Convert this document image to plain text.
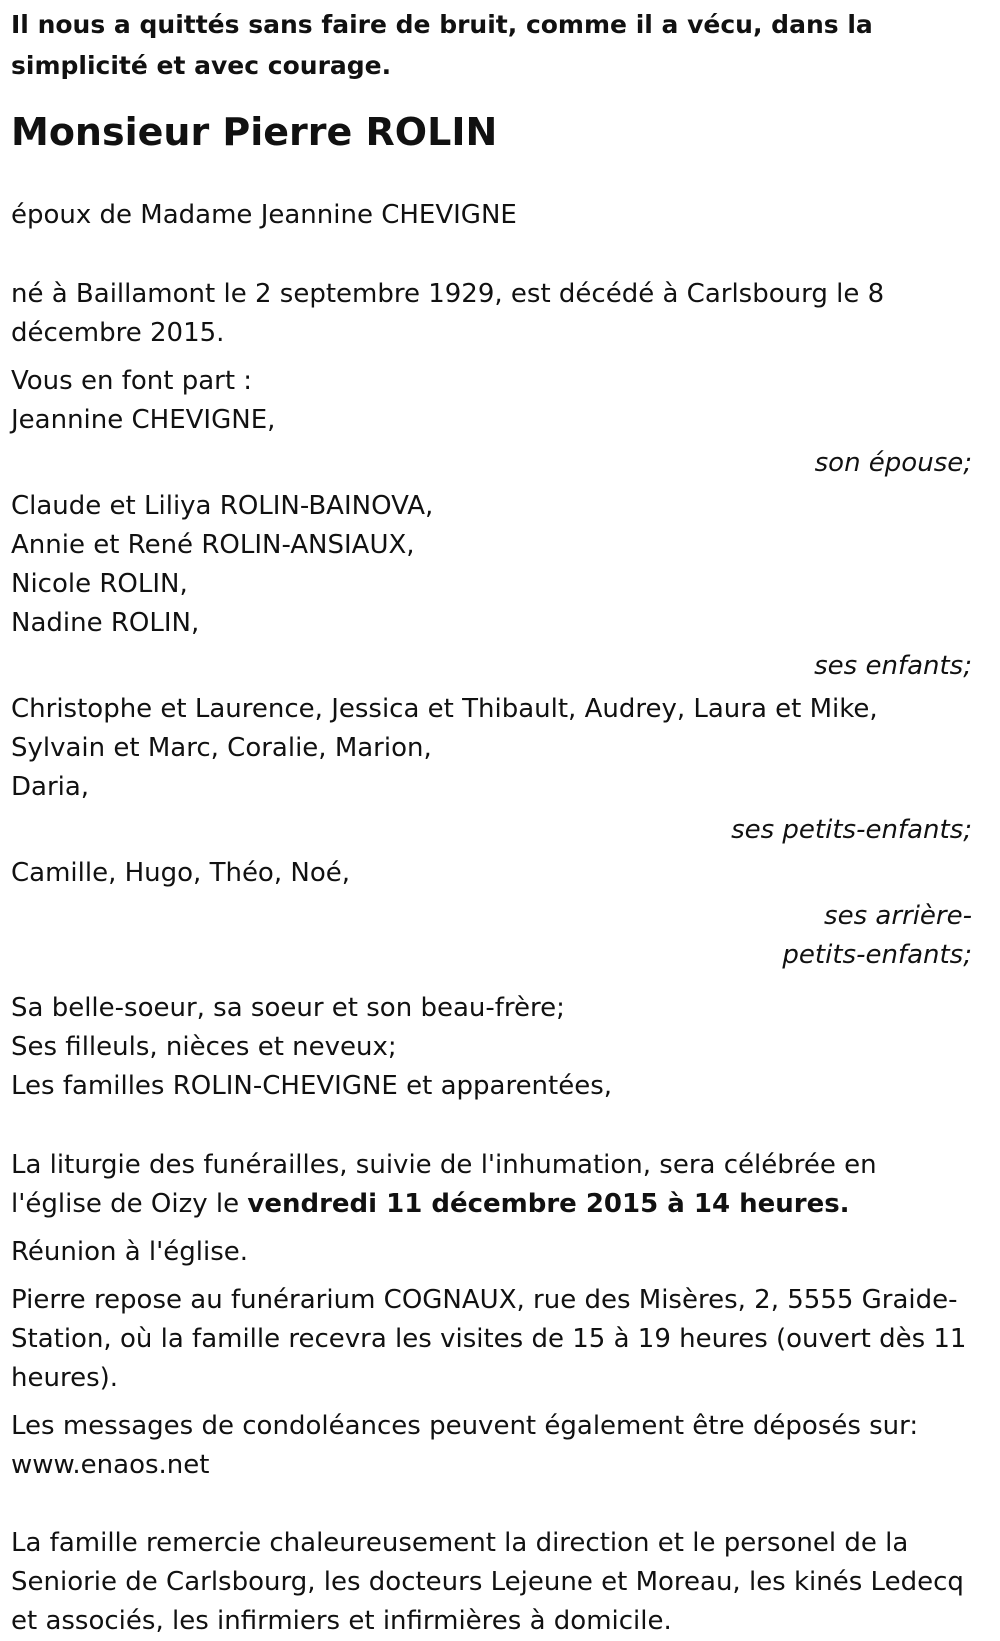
Il nous a quittés sans faire de bruit, comme il a vécu, dans la simplicité et avec courage.

Monsieur Pierre ROLIN

époux de Madame Jeannine CHEVIGNE

né à Baillamont le 2 septembre 1929, est décédé à Carlsbourg le 8 décembre 2015.

Vous en font part :

Jeannine CHEVIGNE,

son épouse;

Claude et Liliya ROLIN-BAINOVA,

Annie et René ROLIN-ANSIAUX,

Nicole ROLIN,

Nadine ROLIN,

ses enfants;

Christophe et Laurence, Jessica et Thibault, Audrey, Laura et Mike,

Sylvain et Marc, Coralie, Marion,

Daria,

ses petits-enfants;

Camille, Hugo, Théo, Noé,

ses arrière-petits-enfants;

Sa belle-soeur, sa soeur et son beau-frère;

Ses filleuls, nièces et neveux;

Les familles ROLIN-CHEVIGNE et apparentées,

La liturgie des funérailles, suivie de l'inhumation, sera célébrée en l'église de Oizy le vendredi 11 décembre 2015 à 14 heures.

Réunion à l'église.

Pierre repose au funérarium COGNAUX, rue des Misères, 2, 5555 Graide-Station, où la famille recevra les visites de 15 à 19 heures (ouvert dès 11 heures).

Les messages de condoléances peuvent également être déposés sur: www.enaos.net

La famille remercie chaleureusement la direction et le personel de la Seniorie de Carlsbourg, les docteurs Lejeune et Moreau, les kinés Ledecq et associés, les infirmiers et infirmières à domicile.
